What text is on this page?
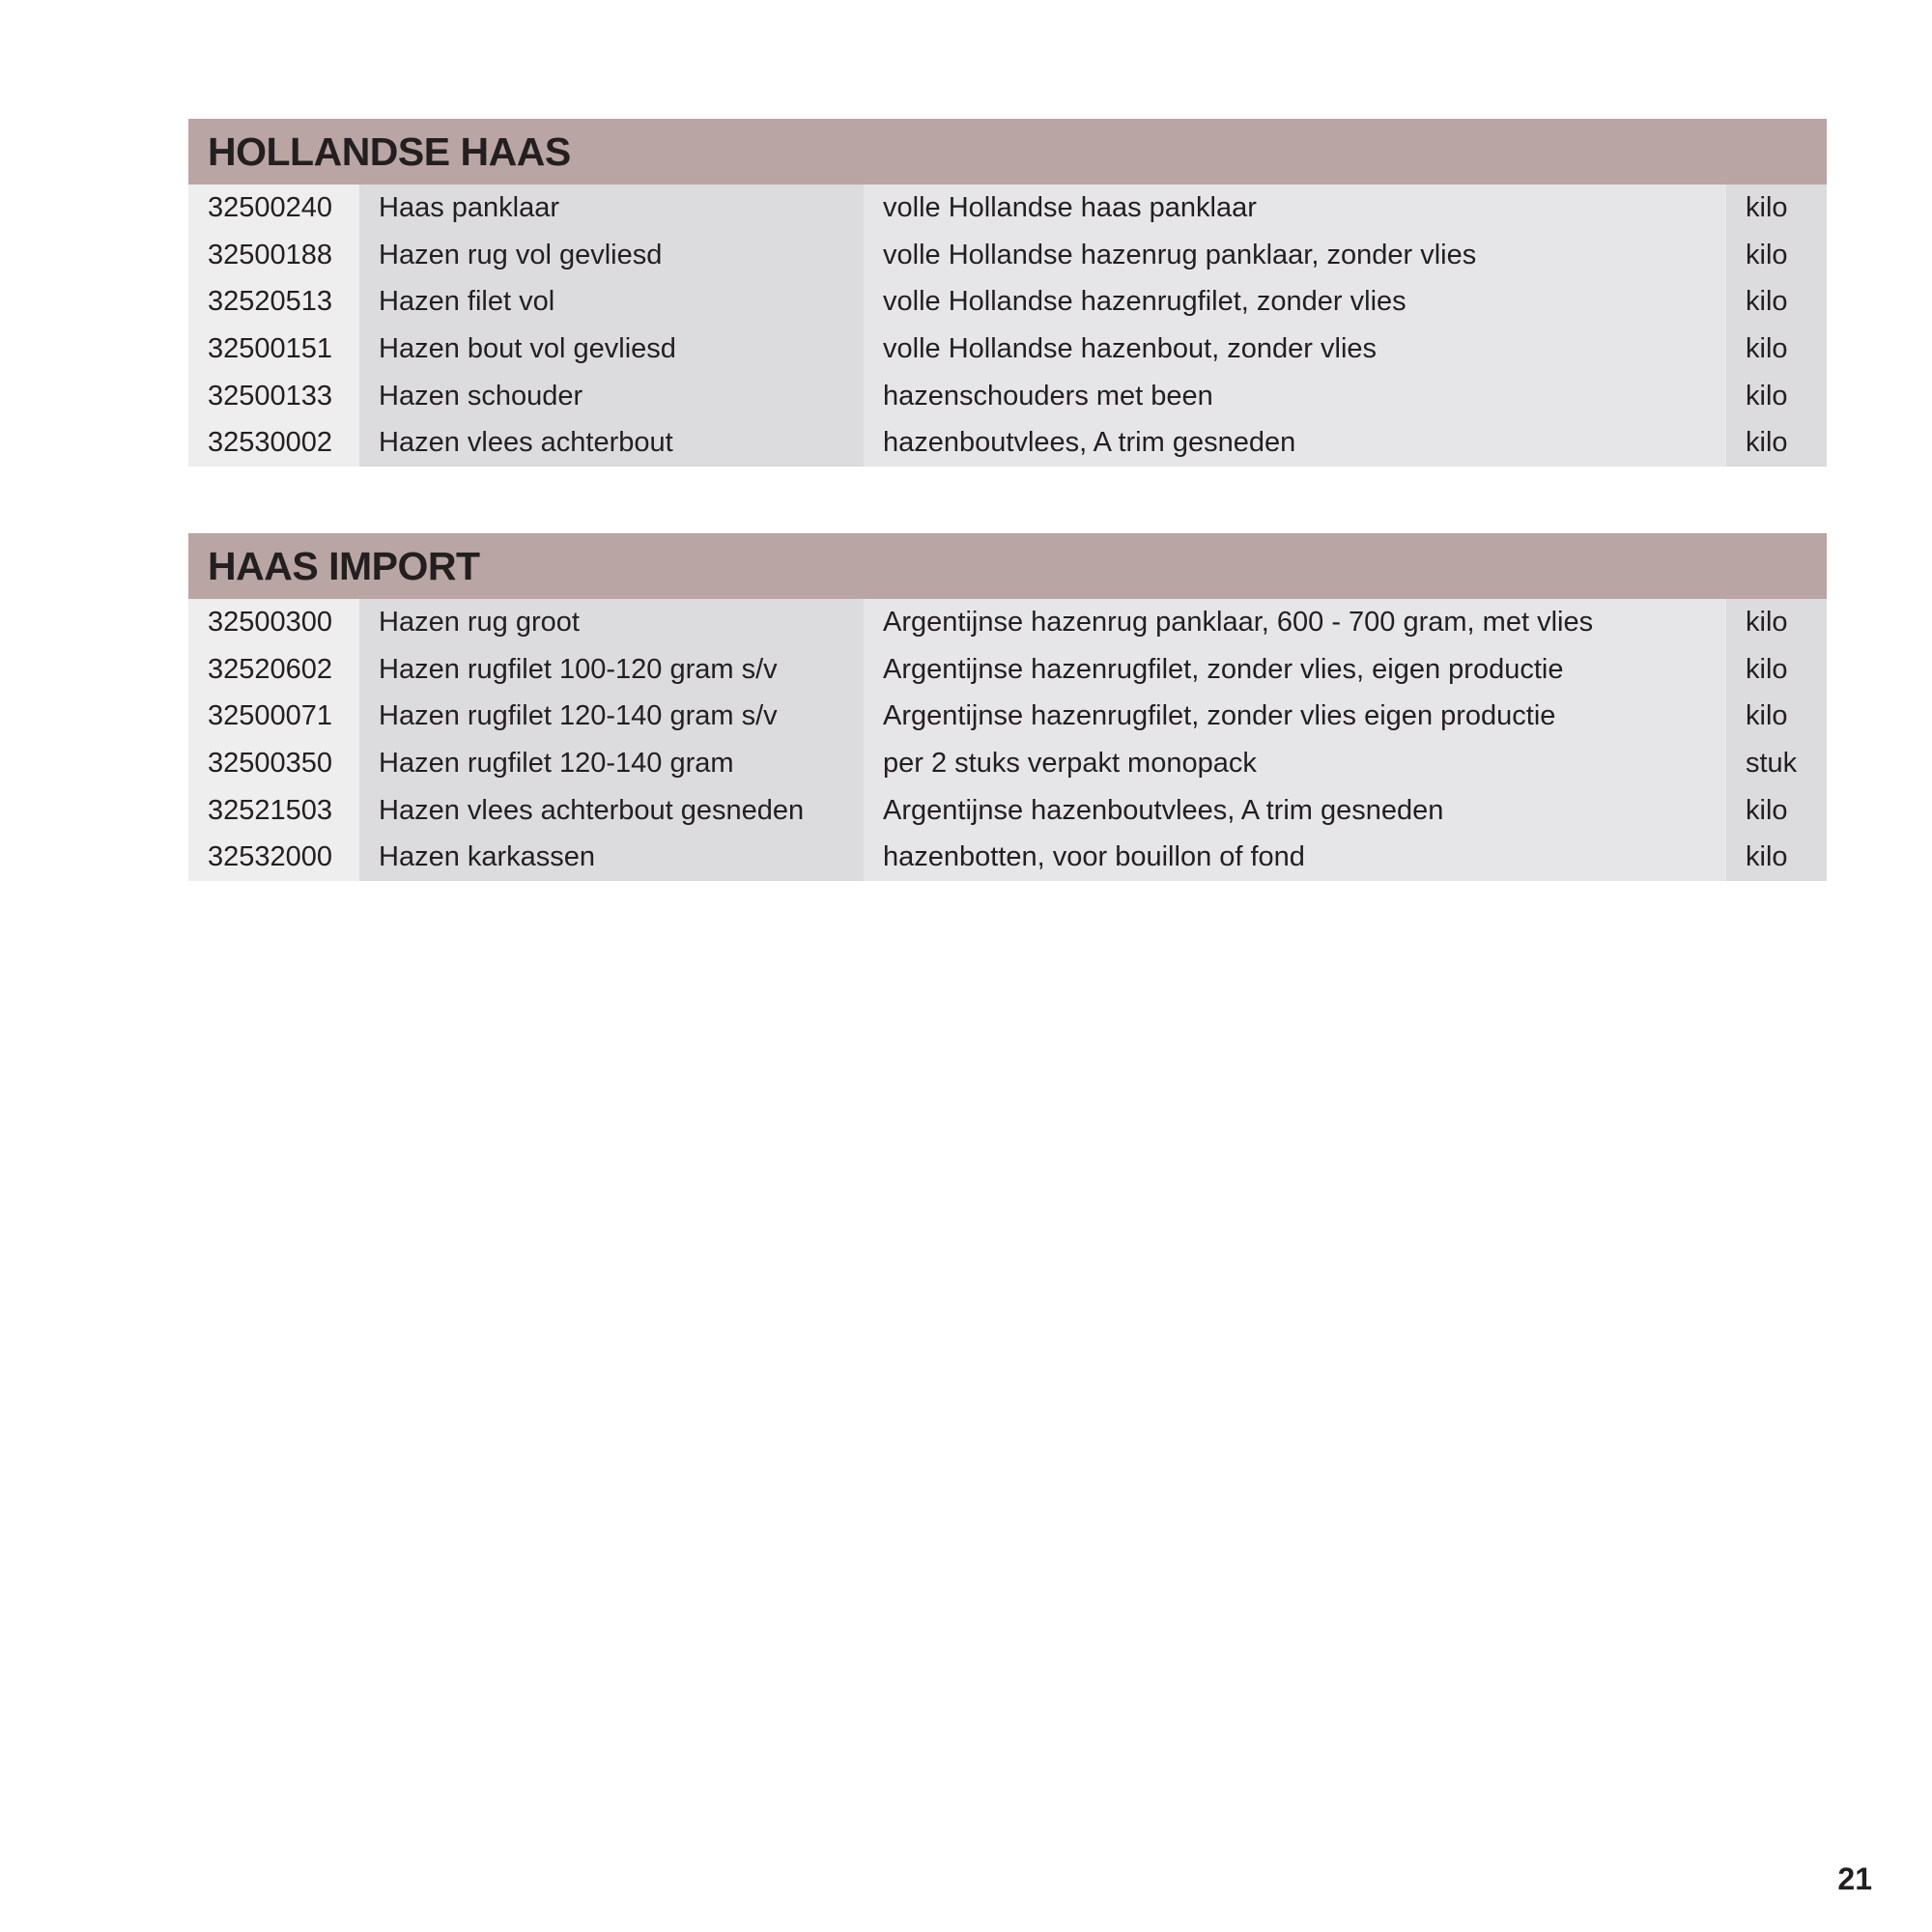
HOLLANDSE HAAS
32500240	Haas panklaar	volle Hollandse haas panklaar	kilo
32500188	Hazen rug vol gevliesd	volle Hollandse hazenrug panklaar, zonder vlies	kilo
32520513	Hazen filet vol	volle Hollandse hazenrugfilet, zonder vlies	kilo
32500151	Hazen bout vol gevliesd	volle Hollandse hazenbout, zonder vlies	kilo
32500133	Hazen schouder	hazenschouders met been	kilo
32530002	Hazen vlees achterbout	hazenboutvlees, A trim gesneden	kilo
HAAS IMPORT
32500300	Hazen rug groot	Argentijnse hazenrug panklaar, 600 - 700 gram, met vlies	kilo
32520602	Hazen rugfilet 100-120 gram s/v	Argentijnse hazenrugfilet, zonder vlies, eigen productie	kilo
32500071	Hazen rugfilet 120-140 gram s/v	Argentijnse hazenrugfilet, zonder vlies eigen productie	kilo
32500350	Hazen rugfilet 120-140 gram	per 2 stuks verpakt monopack	stuk
32521503	Hazen vlees achterbout gesneden	Argentijnse hazenboutvlees, A trim gesneden	kilo
32532000	Hazen karkassen	hazenbotten, voor bouillon of fond	kilo
21
